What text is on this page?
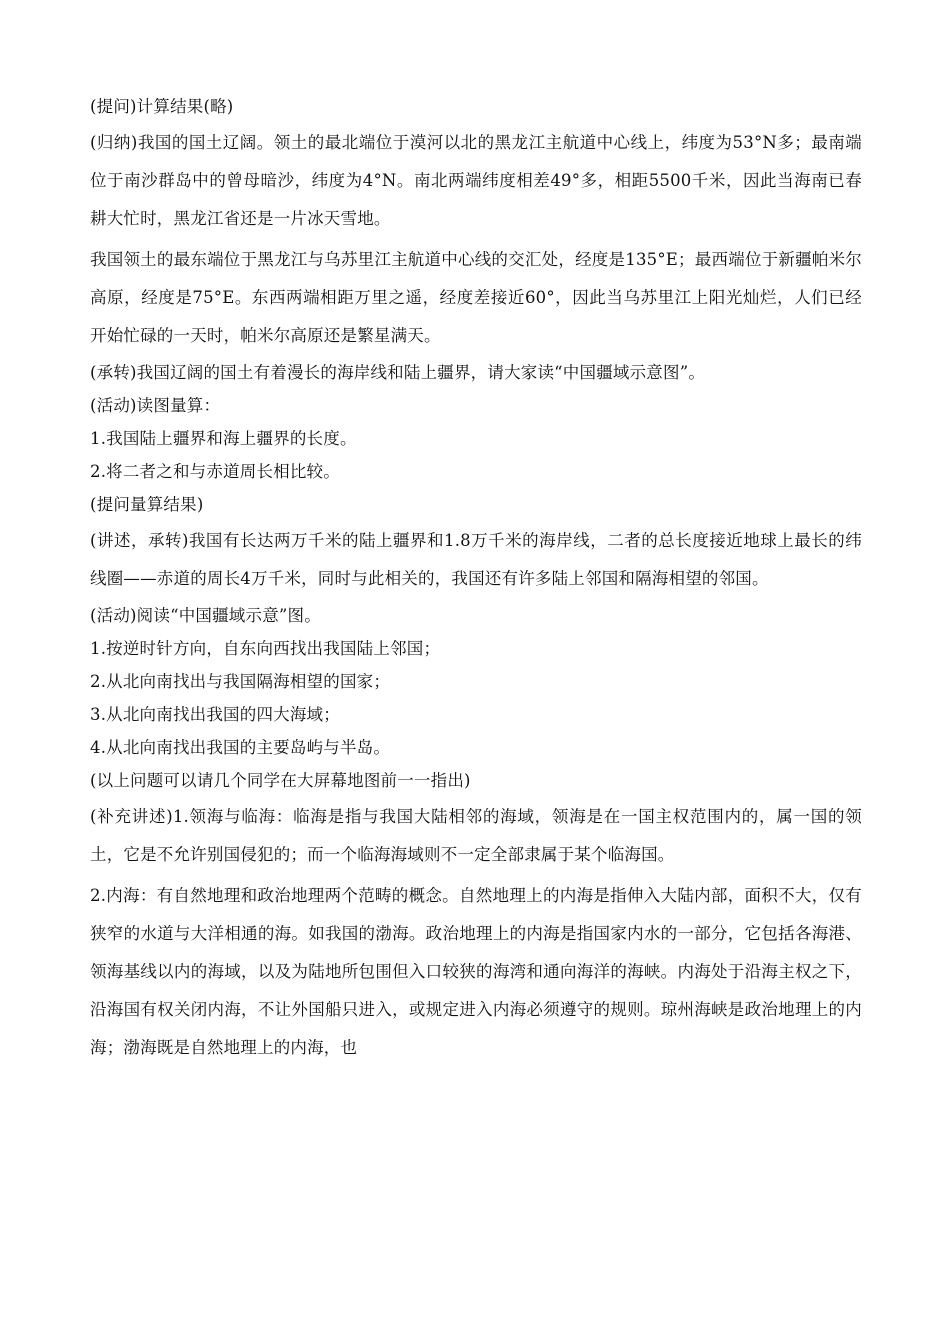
(提问)计算结果(略)

(归纳)我国的国土辽阔。领土的最北端位于漠河以北的黑龙江主航道中心线上，纬度为53°N多；最南端位于南沙群岛中的曾母暗沙，纬度为4°N。南北两端纬度相差49°多，相距5500千米，因此当海南已春耕大忙时，黑龙江省还是一片冰天雪地。

我国领土的最东端位于黑龙江与乌苏里江主航道中心线的交汇处，经度是135°E；最西端位于新疆帕米尔高原，经度是75°E。东西两端相距万里之遥，经度差接近60°，因此当乌苏里江上阳光灿烂，人们已经开始忙碌的一天时，帕米尔高原还是繁星满天。

(承转)我国辽阔的国土有着漫长的海岸线和陆上疆界，请大家读“中国疆域示意图”。

(活动)读图量算：

1.我国陆上疆界和海上疆界的长度。

2.将二者之和与赤道周长相比较。

(提问量算结果)

(讲述，承转)我国有长达两万千米的陆上疆界和1.8万千米的海岸线，二者的总长度接近地球上最长的纬线圈——赤道的周长4万千米，同时与此相关的，我国还有许多陆上邻国和隔海相望的邻国。

(活动)阅读“中国疆域示意”图。

1.按逆时针方向，自东向西找出我国陆上邻国；

2.从北向南找出与我国隔海相望的国家；

3.从北向南找出我国的四大海域；

4.从北向南找出我国的主要岛屿与半岛。

(以上问题可以请几个同学在大屏幕地图前一一指出)

(补充讲述)1.领海与临海：临海是指与我国大陆相邻的海域，领海是在一国主权范围内的，属一国的领土，它是不允许别国侵犯的；而一个临海海域则不一定全部隶属于某个临海国。

2.内海：有自然地理和政治地理两个范畴的概念。自然地理上的内海是指伸入大陆内部，面积不大，仅有狭窄的水道与大洋相通的海。如我国的渤海。政治地理上的内海是指国家内水的一部分，它包括各海港、领海基线以内的海域，以及为陆地所包围但入口较狭的海湾和通向海洋的海峡。内海处于沿海主权之下，沿海国有权关闭内海，不让外国船只进入，或规定进入内海必须遵守的规则。琼州海峡是政治地理上的内海；渤海既是自然地理上的内海，也
